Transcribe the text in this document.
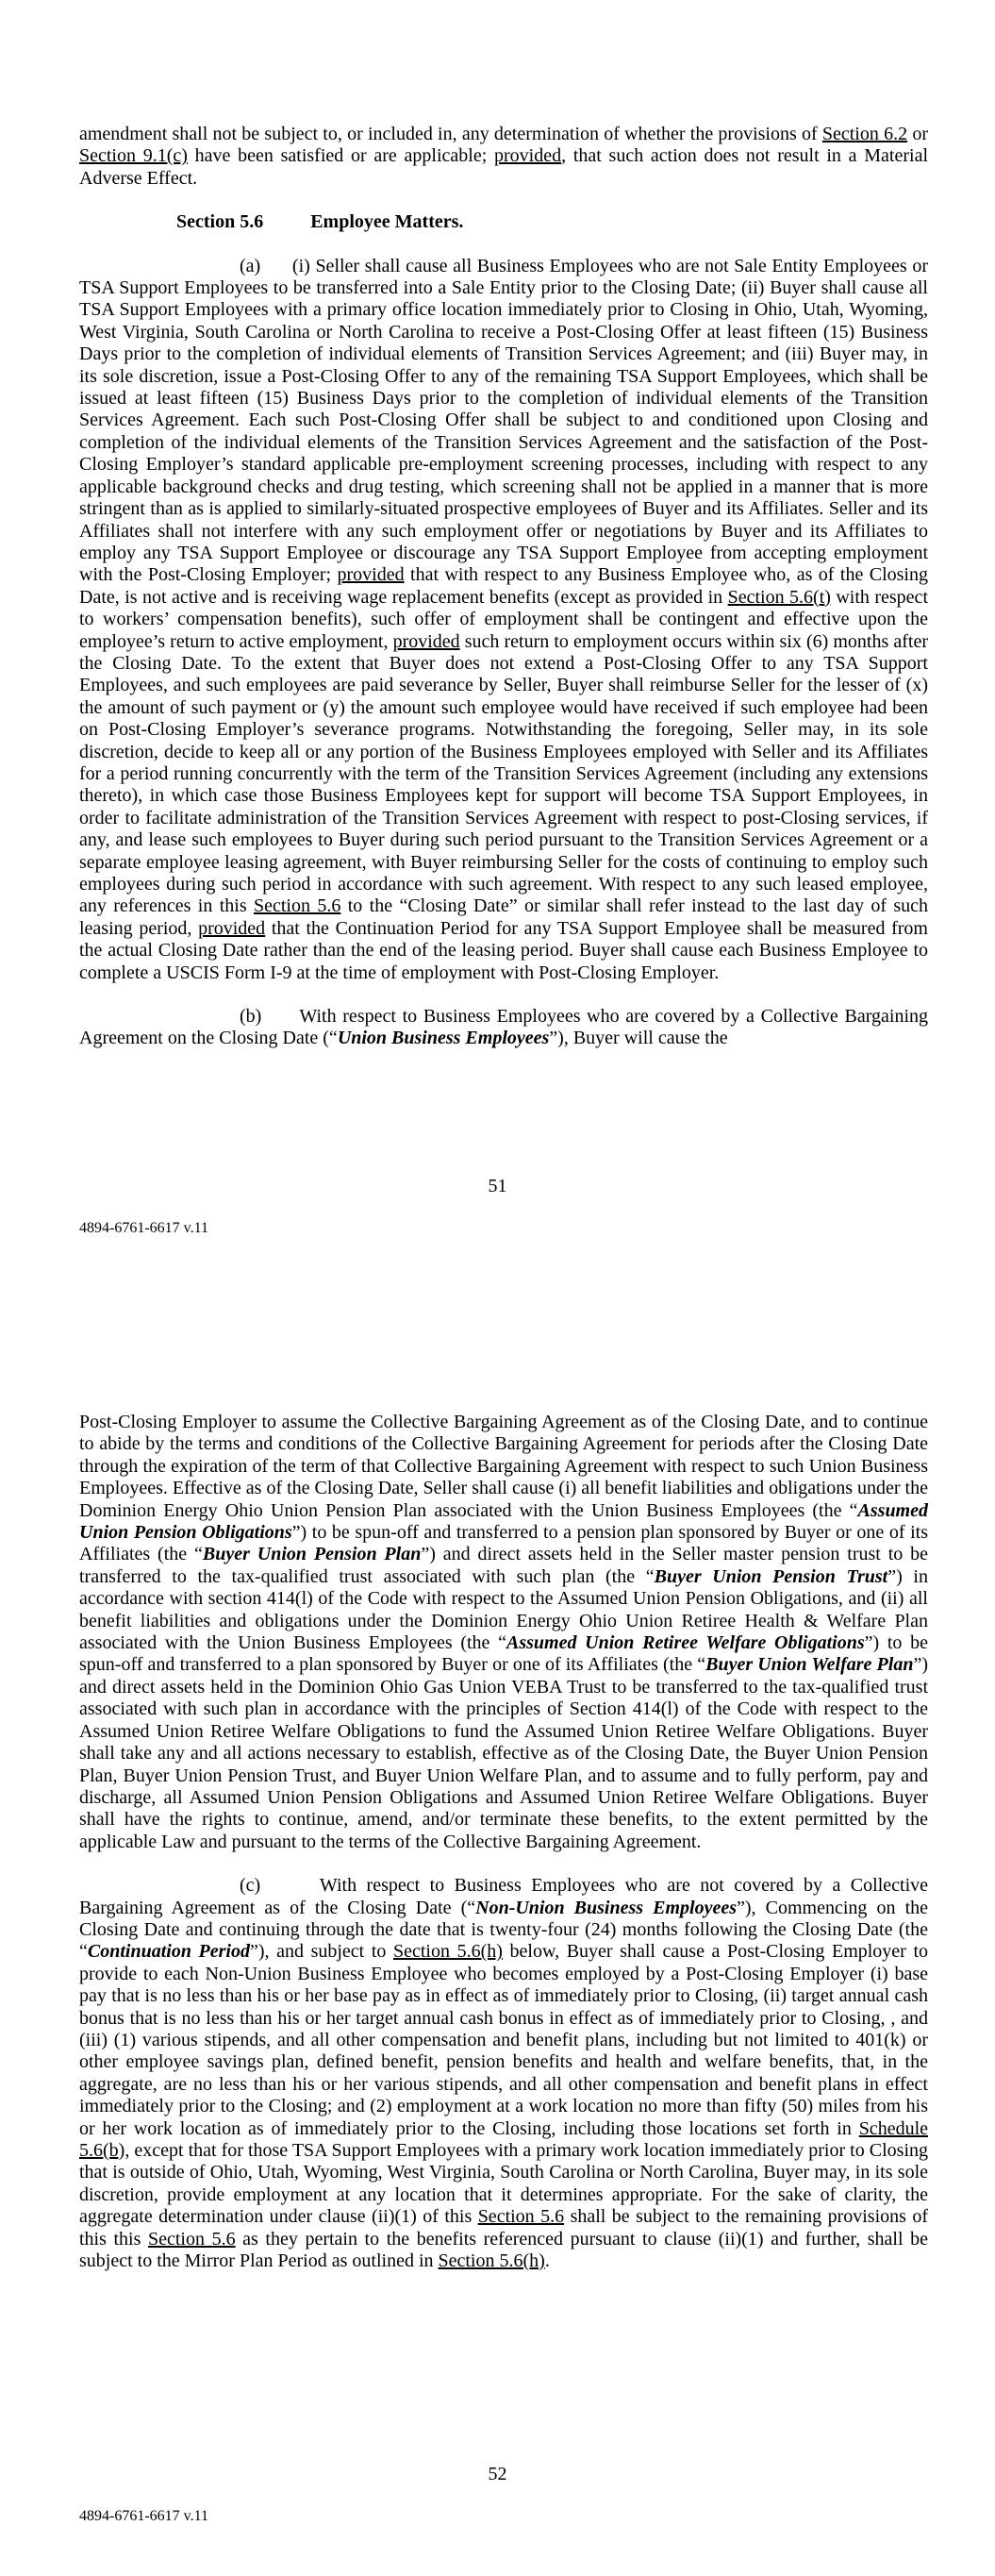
amendment shall not be subject to, or included in, any determination of whether the provisions of Section 6.2 or Section 9.1(c) have been satisfied or are applicable; provided, that such action does not result in a Material Adverse Effect.

Section 5.6	Employee Matters.

(a)      (i) Seller shall cause all Business Employees who are not Sale Entity Employees or TSA Support Employees to be transferred into a Sale Entity prior to the Closing Date; (ii) Buyer shall cause all TSA Support Employees with a primary office location immediately prior to Closing in Ohio, Utah, Wyoming, West Virginia, South Carolina or North Carolina to receive a Post-Closing Offer at least fifteen (15) Business Days prior to the completion of individual elements of Transition Services Agreement; and (iii) Buyer may, in its sole discretion, issue a Post-Closing Offer to any of the remaining TSA Support Employees, which shall be issued at least fifteen (15) Business Days prior to the completion of individual elements of the Transition Services Agreement. Each such Post-Closing Offer shall be subject to and conditioned upon Closing and completion of the individual elements of the Transition Services Agreement and the satisfaction of the Post-Closing Employer’s standard applicable pre-employment screening processes, including with respect to any applicable background checks and drug testing, which screening shall not be applied in a manner that is more stringent than as is applied to similarly-situated prospective employees of Buyer and its Affiliates. Seller and its Affiliates shall not interfere with any such employment offer or negotiations by Buyer and its Affiliates to employ any TSA Support Employee or discourage any TSA Support Employee from accepting employment with the Post-Closing Employer; provided that with respect to any Business Employee who, as of the Closing Date, is not active and is receiving wage replacement benefits (except as provided in Section 5.6(t) with respect to workers’ compensation benefits), such offer of employment shall be contingent and effective upon the employee’s return to active employment, provided such return to employment occurs within six (6) months after the Closing Date. To the extent that Buyer does not extend a Post-Closing Offer to any TSA Support Employees, and such employees are paid severance by Seller, Buyer shall reimburse Seller for the lesser of (x) the amount of such payment or (y) the amount such employee would have received if such employee had been on Post-Closing Employer’s severance programs. Notwithstanding the foregoing, Seller may, in its sole discretion, decide to keep all or any portion of the Business Employees employed with Seller and its Affiliates for a period running concurrently with the term of the Transition Services Agreement (including any extensions thereto), in which case those Business Employees kept for support will become TSA Support Employees, in order to facilitate administration of the Transition Services Agreement with respect to post-Closing services, if any, and lease such employees to Buyer during such period pursuant to the Transition Services Agreement or a separate employee leasing agreement, with Buyer reimbursing Seller for the costs of continuing to employ such employees during such period in accordance with such agreement. With respect to any such leased employee, any references in this Section 5.6 to the “Closing Date” or similar shall refer instead to the last day of such leasing period, provided that the Continuation Period for any TSA Support Employee shall be measured from the actual Closing Date rather than the end of the leasing period. Buyer shall cause each Business Employee to complete a USCIS Form I-9 at the time of employment with Post-Closing Employer.

(b)      With respect to Business Employees who are covered by a Collective Bargaining Agreement on the Closing Date (“Union Business Employees”), Buyer will cause the

51
4894-6761-6617 v.11

Post-Closing Employer to assume the Collective Bargaining Agreement as of the Closing Date, and to continue to abide by the terms and conditions of the Collective Bargaining Agreement for periods after the Closing Date through the expiration of the term of that Collective Bargaining Agreement with respect to such Union Business Employees. Effective as of the Closing Date, Seller shall cause (i) all benefit liabilities and obligations under the Dominion Energy Ohio Union Pension Plan associated with the Union Business Employees (the “Assumed Union Pension Obligations”) to be spun-off and transferred to a pension plan sponsored by Buyer or one of its Affiliates (the “Buyer Union Pension Plan”) and direct assets held in the Seller master pension trust to be transferred to the tax-qualified trust associated with such plan (the “Buyer Union Pension Trust”) in accordance with section 414(l) of the Code with respect to the Assumed Union Pension Obligations, and (ii) all benefit liabilities and obligations under the Dominion Energy Ohio Union Retiree Health & Welfare Plan associated with the Union Business Employees (the “Assumed Union Retiree Welfare Obligations”) to be spun-off and transferred to a plan sponsored by Buyer or one of its Affiliates (the “Buyer Union Welfare Plan”) and direct assets held in the Dominion Ohio Gas Union VEBA Trust to be transferred to the tax-qualified trust associated with such plan in accordance with the principles of Section 414(l) of the Code with respect to the Assumed Union Retiree Welfare Obligations to fund the Assumed Union Retiree Welfare Obligations. Buyer shall take any and all actions necessary to establish, effective as of the Closing Date, the Buyer Union Pension Plan, Buyer Union Pension Trust, and Buyer Union Welfare Plan, and to assume and to fully perform, pay and discharge, all Assumed Union Pension Obligations and Assumed Union Retiree Welfare Obligations. Buyer shall have the rights to continue, amend, and/or terminate these benefits, to the extent permitted by the applicable Law and pursuant to the terms of the Collective Bargaining Agreement.

(c)      With respect to Business Employees who are not covered by a Collective Bargaining Agreement as of the Closing Date (“Non-Union Business Employees”), Commencing on the Closing Date and continuing through the date that is twenty-four (24) months following the Closing Date (the “Continuation Period”), and subject to Section 5.6(h) below, Buyer shall cause a Post-Closing Employer to provide to each Non-Union Business Employee who becomes employed by a Post-Closing Employer (i) base pay that is no less than his or her base pay as in effect as of immediately prior to Closing, (ii) target annual cash bonus that is no less than his or her target annual cash bonus in effect as of immediately prior to Closing, , and (iii) (1) various stipends, and all other compensation and benefit plans, including but not limited to 401(k) or other employee savings plan, defined benefit, pension benefits and health and welfare benefits, that, in the aggregate, are no less than his or her various stipends, and all other compensation and benefit plans in effect immediately prior to the Closing; and (2) employment at a work location no more than fifty (50) miles from his or her work location as of immediately prior to the Closing, including those locations set forth in Schedule 5.6(b), except that for those TSA Support Employees with a primary work location immediately prior to Closing that is outside of Ohio, Utah, Wyoming, West Virginia, South Carolina or North Carolina, Buyer may, in its sole discretion, provide employment at any location that it determines appropriate. For the sake of clarity, the aggregate determination under clause (ii)(1) of this Section 5.6 shall be subject to the remaining provisions of this this Section 5.6 as they pertain to the benefits referenced pursuant to clause (ii)(1) and further, shall be subject to the Mirror Plan Period as outlined in Section 5.6(h).

52
4894-6761-6617 v.11
